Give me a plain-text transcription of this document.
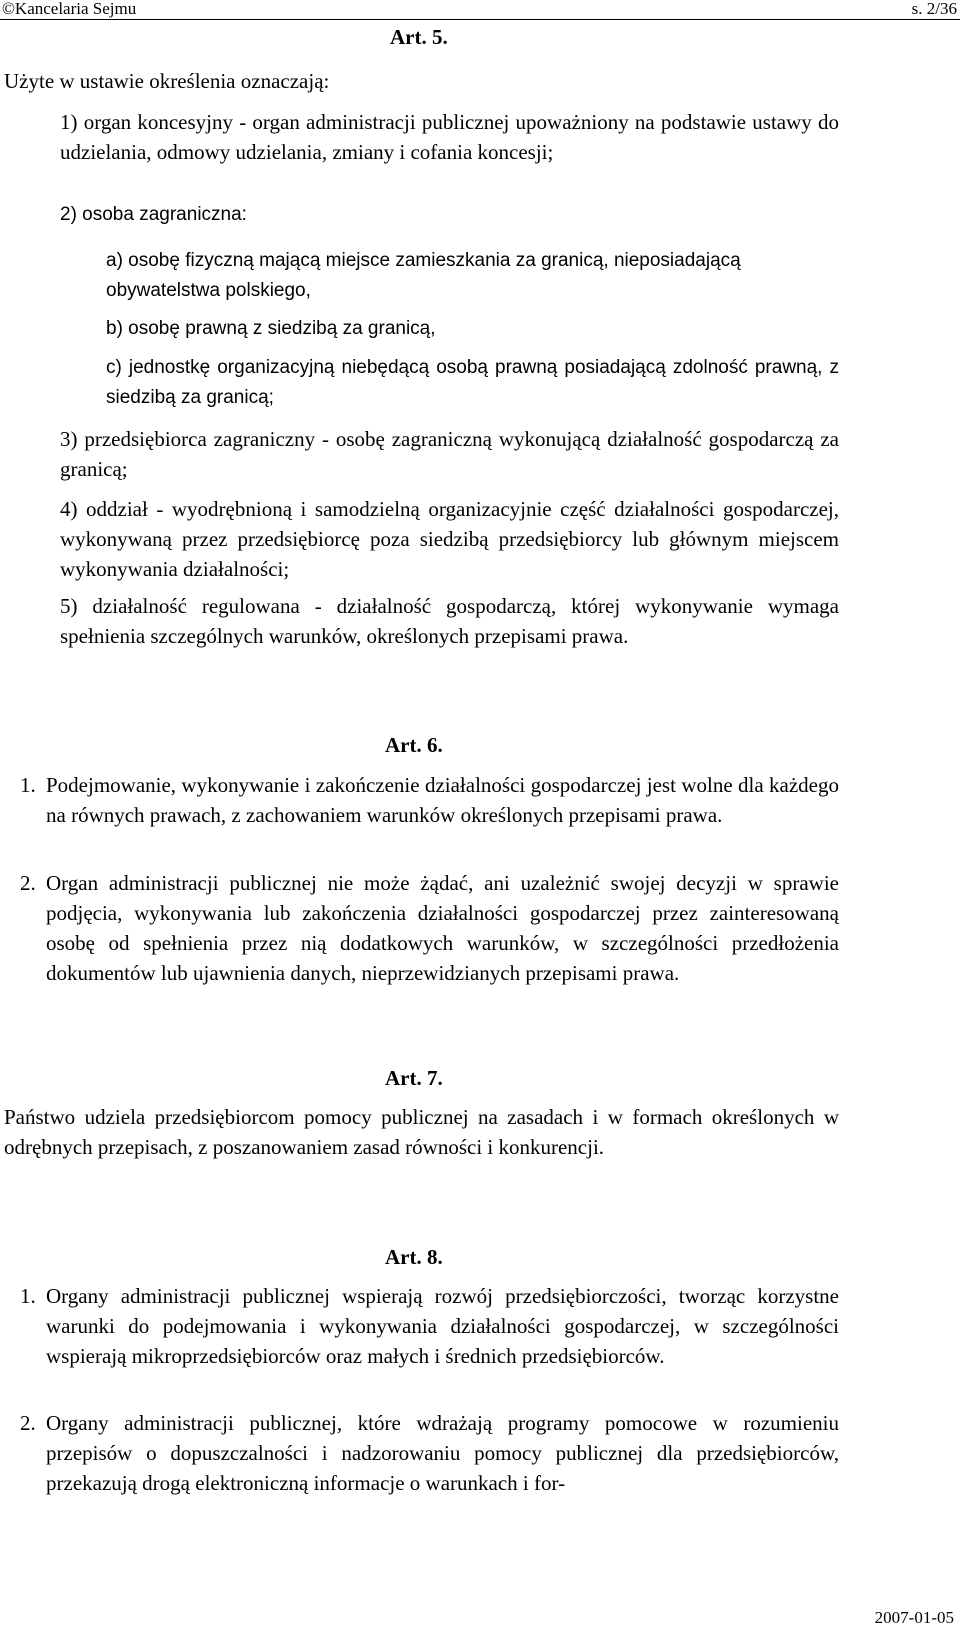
©Kancelaria Sejmu	s. 2/36

Art. 5.

Użyte w ustawie określenia oznaczają:

1) organ koncesyjny - organ administracji publicznej upoważniony na podstawie ustawy do udzielania, odmowy udzielania, zmiany i cofania koncesji;

2) osoba zagraniczna:

a) osobę fizyczną mającą miejsce zamieszkania za granicą, nieposiadającą obywatelstwa polskiego,

b) osobę prawną z siedzibą za granicą,

c) jednostkę organizacyjną niebędącą osobą prawną posiadającą zdolność prawną, z siedzibą za granicą;

3) przedsiębiorca zagraniczny - osobę zagraniczną wykonującą działalność gospodarczą za granicą;

4) oddział - wyodrębnioną i samodzielną organizacyjnie część działalności gospodarczej, wykonywaną przez przedsiębiorcę poza siedzibą przedsiębiorcy lub głównym miejscem wykonywania działalności;

5) działalność regulowana - działalność gospodarczą, której wykonywanie wymaga spełnienia szczególnych warunków, określonych przepisami prawa.

Art. 6.

1. Podejmowanie, wykonywanie i zakończenie działalności gospodarczej jest wolne dla każdego na równych prawach, z zachowaniem warunków określonych przepisami prawa.

2. Organ administracji publicznej nie może żądać, ani uzależnić swojej decyzji w sprawie podjęcia, wykonywania lub zakończenia działalności gospodarczej przez zainteresowaną osobę od spełnienia przez nią dodatkowych warunków, w szczególności przedłożenia dokumentów lub ujawnienia danych, nieprzewidzianych przepisami prawa.

Art. 7.

Państwo udziela przedsiębiorcom pomocy publicznej na zasadach i w formach określonych w odrębnych przepisach, z poszanowaniem zasad równości i konkurencji.

Art. 8.

1. Organy administracji publicznej wspierają rozwój przedsiębiorczości, tworząc korzystne warunki do podejmowania i wykonywania działalności gospodarczej, w szczególności wspierają mikroprzedsiębiorców oraz małych i średnich przedsiębiorców.

2. Organy administracji publicznej, które wdrażają programy pomocowe w rozumieniu przepisów o dopuszczalności i nadzorowaniu pomocy publicznej dla przedsiębiorców, przekazują drogą elektroniczną informacje o warunkach i for-

2007-01-05
